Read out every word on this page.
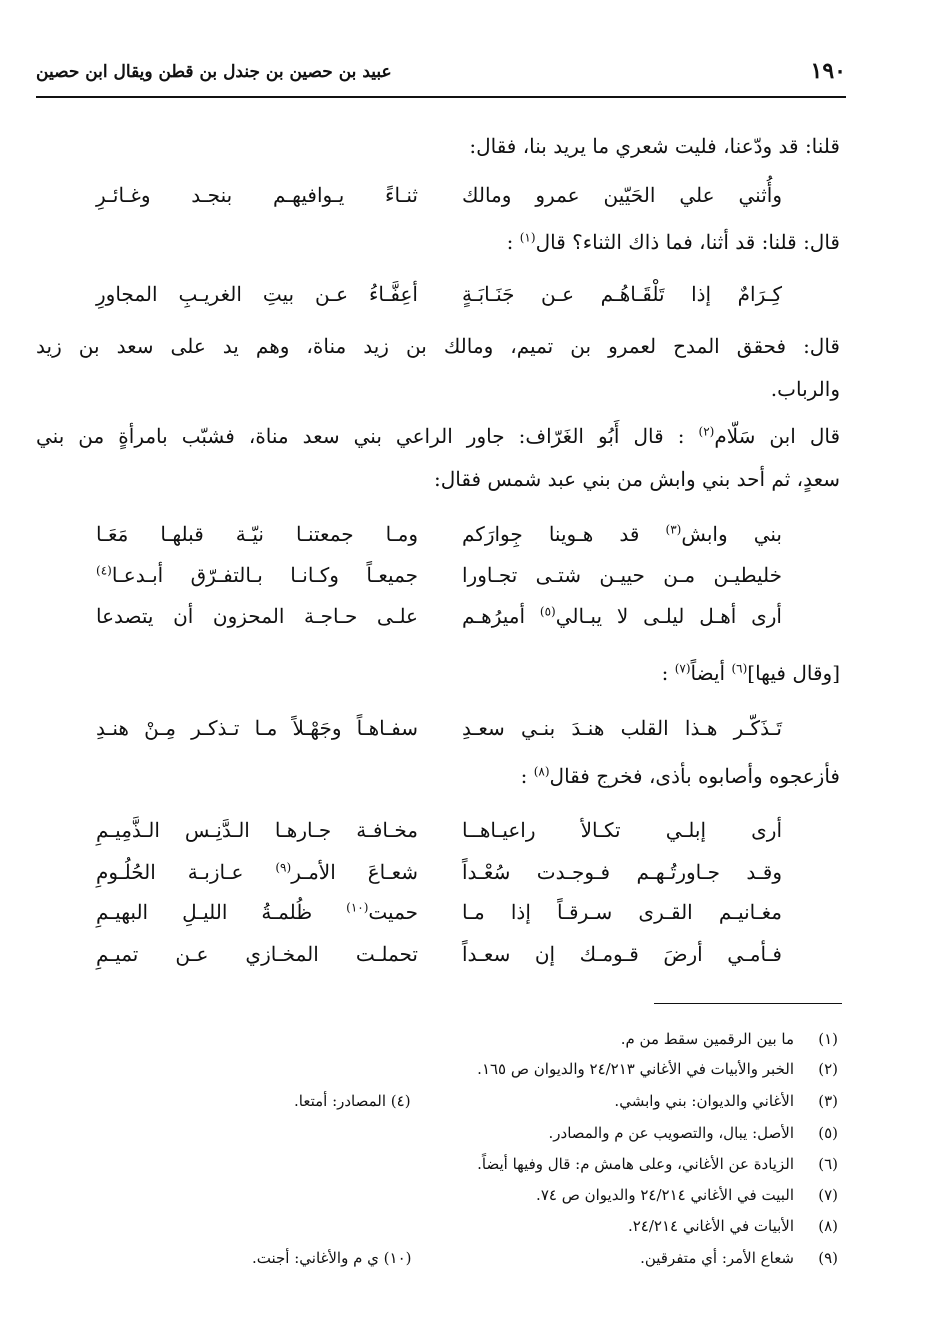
١٩٠
عبيد بن حصين بن جندل بن قطن ويقال ابن حصين
قلنا: قد ودّعنا، فليت شعري ما يريد بنا، فقال:
وأُثني علي الحَيّين عمرو ومالك
ثنـاءً يـوافيهـم بنجـد وغـائـرِ
قال: قلنا: قد أثنا، فما ذاك الثناء؟ قال$^{(١)}$ :
كِـرَامٌ إذا تَلْقَـاهُـم عـن جَنَـابَـةٍ
أعِفَّـاءُ عـن بيتِ الغريـبِ المجاورِ
قال: فحقق المدح لعمرو بن تميم، ومالك بن زيد مناة، وهم يد على سعد بن زيد
والرباب.
قال ابن سَلّام$^{(٢)}$ : قال أَبُو الغَرّاف: جاور الراعي بني سعد مناة، فشبّب بامرأةٍ من بني
سعدٍ، ثم أحد بني وابش من بني عبد شمس فقال:
بني وابش$^{(٣)}$ قد هـوينا جِوارَكم
ومـا جمعتنـا نيّـة قبلهـا مَعَـا
خليطيـن مـن حييـن شتـى تجـاورا
جميعـاً وكـانـا بـالتفـرّق أبـدعـا$^{(٤)}$
أرى أهـل ليلـى لا يبـالي$^{(٥)}$ أميرُهـم
علـى حـاجـة المحزون أن يتصدعا
[وقال فيها]$^{(٦)}$ أيضاً$^{(٧)}$ :
تَـذَكّـر هـذا القلب هنـدَ بنـي سعـدِ
سفـاهـاً وجَهْـلاً مـا تـذكـر مِـنْ هنـدِ
فأزعجوه وأصابوه بأذى، فخرج فقال$^{(٨)}$ :
أرى إبلـي تكـالأ راعيـاهــا
مخـافـة جـارهـا الـدَّنِـس الـذَّمِيـمِ
وقـد جـاورتُـهـم فـوجـدت سُعْـداً
شعـاعَ الأمـر$^{(٩)}$ عـازبـة الحُلُـومِ
مغـانيـم القـرى سـرقـاً إذا مـا
حميت$^{(١٠)}$ ظُلمـةُ الليـلِ البهيـمِ
فـأمـي أرضَ قـومـك إن سعـداً
تحملـت المخـازي عـن تميـمِ
(١)
ما بين الرقمين سقط من م.
(٢)
الخبر والأبيات في الأغاني ٢٤/٢١٣ والديوان ص ١٦٥.
(٣)
الأغاني والديوان: بني وابشي.
(٤) المصادر: أمتعا.
(٥)
الأصل: يبال، والتصويب عن م والمصادر.
(٦)
الزيادة عن الأغاني، وعلى هامش م: قال وفيها أيضاً.
(٧)
البيت في الأغاني ٢٤/٢١٤ والديوان ص ٧٤.
(٨)
الأبيات في الأغاني ٢٤/٢١٤.
(٩)
شعاع الأمر: أي متفرقين.
(١٠) ي م والأغاني: أجنت.
